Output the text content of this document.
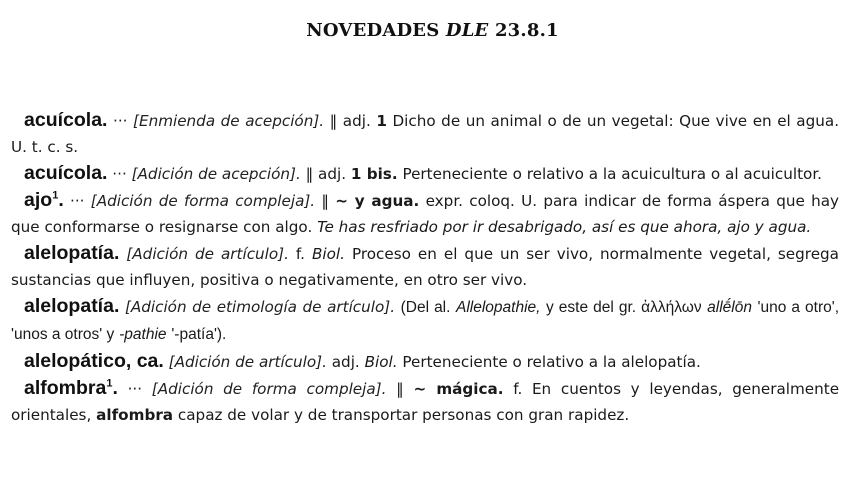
NOVEDADES DLE 23.8.1

acuícola. ··· [Enmienda de acepción]. ‖ adj. 1 Dicho de un animal o de un vegetal: Que vive en el agua. U. t. c. s.

acuícola. ··· [Adición de acepción]. ‖ adj. 1 bis. Perteneciente o relativo a la acuicultura o al acuicultor.

ajo$^1$. ··· [Adición de forma compleja]. ‖ ~ y agua. expr. coloq. U. para indicar de forma áspera que hay que conformarse o resignarse con algo. Te has resfriado por ir desabrigado, así es que ahora, ajo y agua.

alelopatía. [Adición de artículo]. f. Biol. Proceso en el que un ser vivo, normalmente vegetal, segrega sustancias que influyen, positiva o negativamente, en otro ser vivo.

alelopatía. [Adición de etimología de artículo]. (Del al. Allelopathie, y este del gr. ἀλλήλων allḗlōn 'uno a otro', 'unos a otros' y -pathie '-patía').

alelopático, ca. [Adición de artículo]. adj. Biol. Perteneciente o relativo a la alelopatía.

alfombra$^1$. ··· [Adición de forma compleja]. ‖ ~ mágica. f. En cuentos y leyendas, generalmente orientales, alfombra capaz de volar y de transportar personas con gran rapidez.
